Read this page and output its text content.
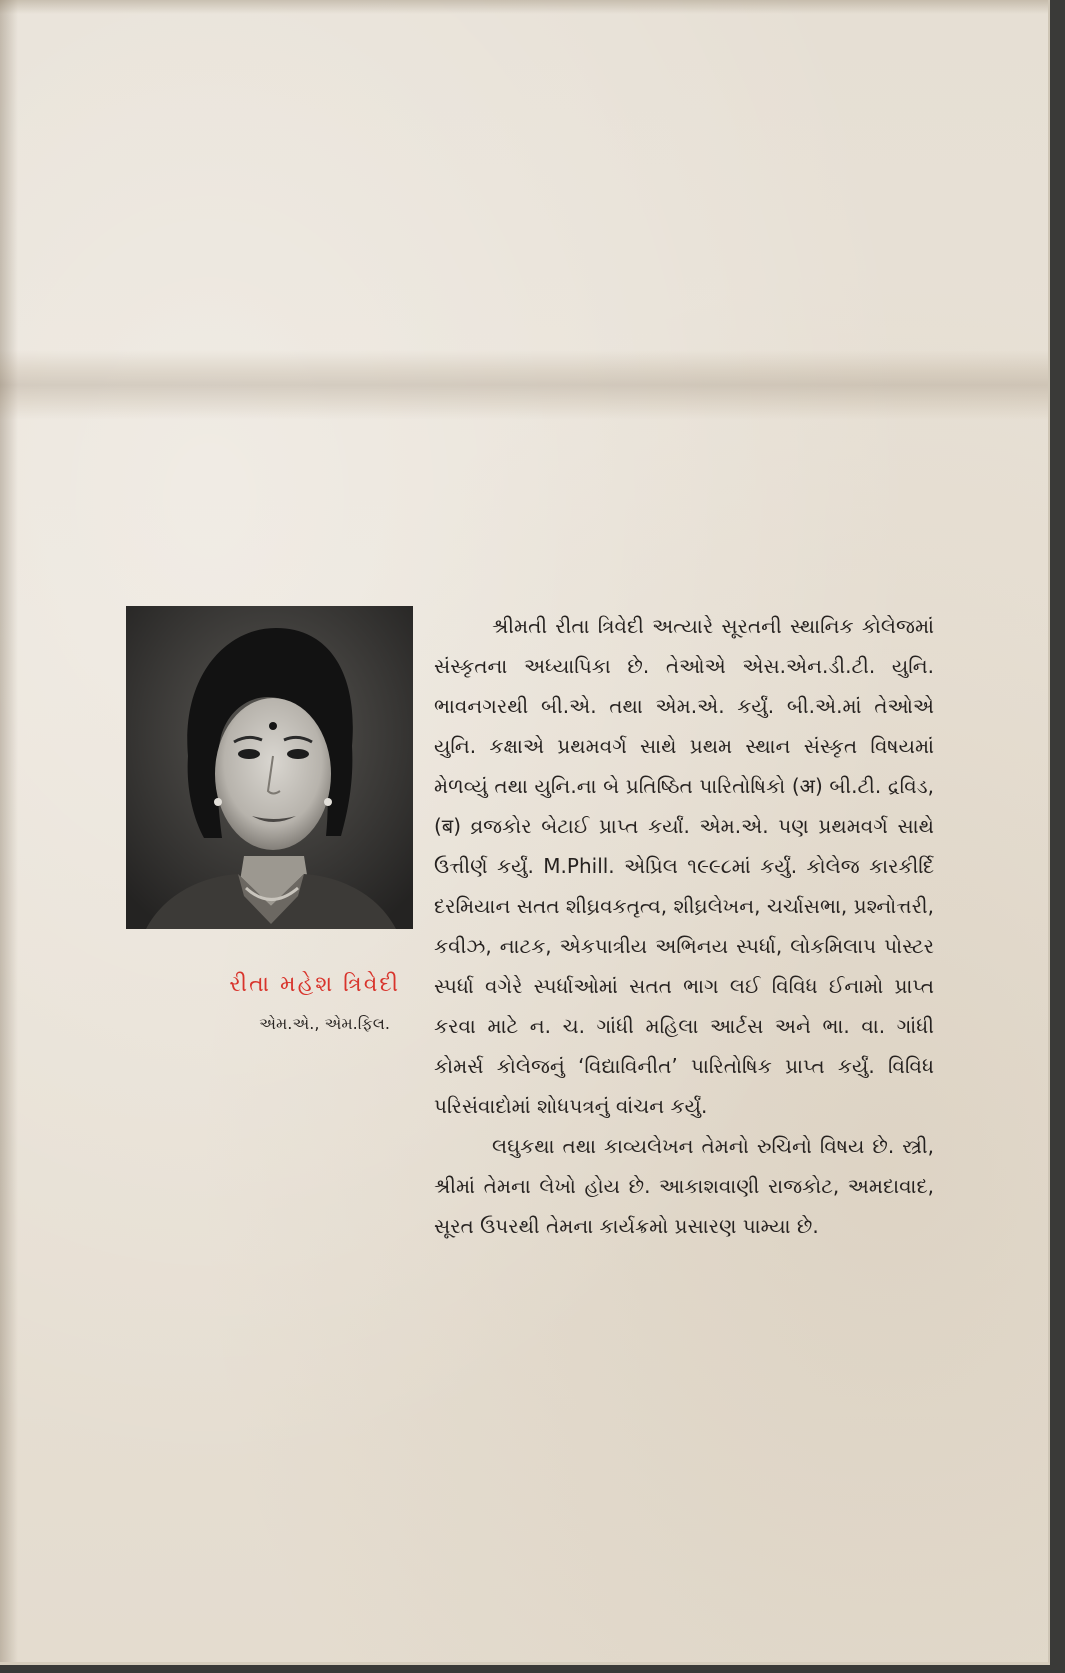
રીતા મહેશ ત્રિવેદી
એમ.એ., એમ.ફિલ.

શ્રીમતી રીતા ત્રિવેદી અત્યારે સૂરતની સ્થાનિક કોલેજમાં સંસ્કૃતના અધ્યાપિકા છે. તેઓએ એસ.એન.ડી.ટી. યુનિ. ભાવનગરથી બી.એ. તથા એમ.એ. કર્યું. બી.એ.માં તેઓએ યુનિ. કક્ષાએ પ્રથમવર્ગ સાથે પ્રથમ સ્થાન સંસ્કૃત વિષયમાં મેળવ્યું તથા યુનિ.ના બે પ્રતિષ્ઠિત પારિતોષિકો (अ) બી.ટી. દ્રવિડ, (ब) વ્રજકોર બેટાઈ પ્રાપ્ત કર્યાં. એમ.એ. પણ પ્રથમવર્ગ સાથે ઉત્તીર્ણ કર્યું. M.Phill. એપ્રિલ ૧૯૯૮માં કર્યું. કોલેજ કારકીર્દિ દરમિયાન સતત શીઘ્રવકતૃત્વ, શીઘ્રલેખન, ચર્ચાસભા, પ્રશ્નોત્તરી, કવીઝ, નાટક, એકપાત્રીય અભિનય સ્પર્ધા, લોકમિલાપ પોસ્ટર સ્પર્ધા વગેરે સ્પર્ધાઓમાં સતત ભાગ લઈ વિવિધ ઈનામો પ્રાપ્ત કરવા માટે ન. ચ. ગાંધી મહિલા આર્ટસ અને ભા. વા. ગાંધી કોમર્સ કોલેજનું ‘વિદ્યાવિનીત’ પારિતોષિક પ્રાપ્ત કર્યું. વિવિધ પરિસંવાદોમાં શોધપત્રનું વાંચન કર્યું.

લઘુકથા તથા કાવ્યલેખન તેમનો રુચિનો વિષય છે. સ્ત્રી, શ્રીમાં તેમના લેખો હોય છે. આકાશવાણી રાજકોટ, અમદાવાદ, સૂરત ઉપરથી તેમના કાર્યક્રમો પ્રસારણ પામ્યા છે.
